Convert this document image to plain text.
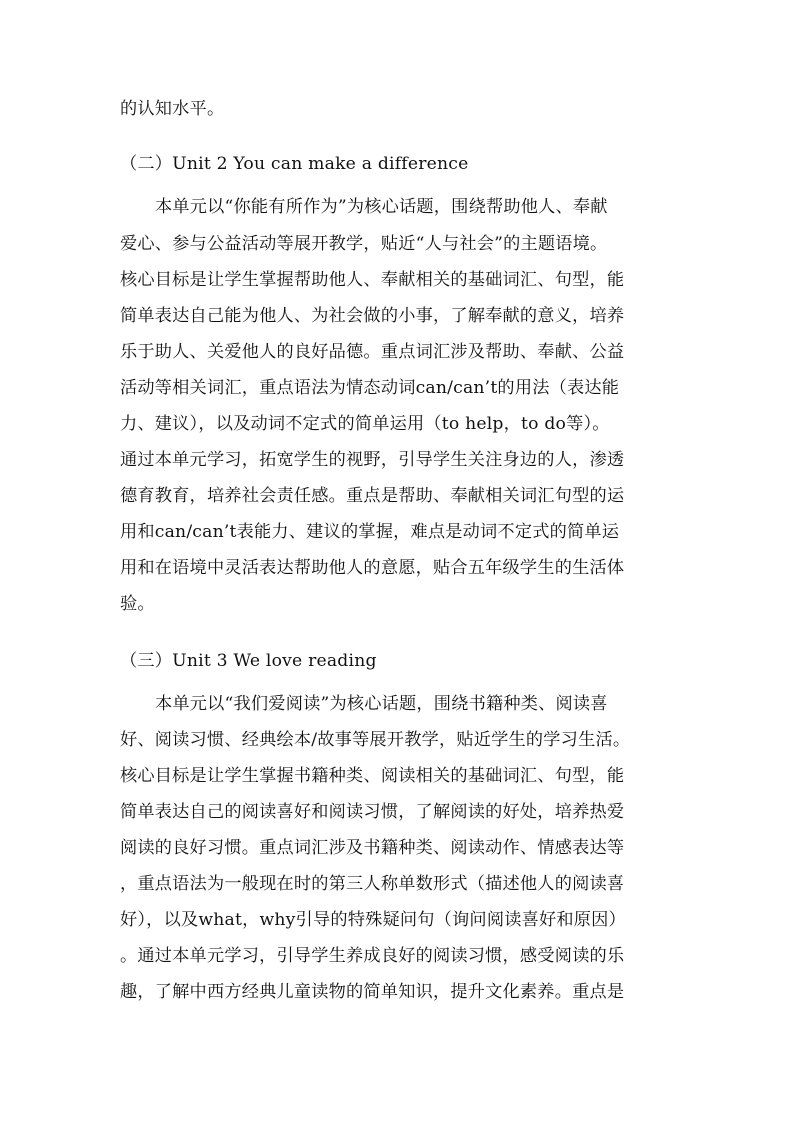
的认知水平。
（二）Unit 2 You can make a difference
本单元以“你能有所作为”为核心话题，围绕帮助他人、奉献
爱心、参与公益活动等展开教学，贴近“人与社会”的主题语境。
核心目标是让学生掌握帮助他人、奉献相关的基础词汇、句型，能
简单表达自己能为他人、为社会做的小事，了解奉献的意义，培养
乐于助人、关爱他人的良好品德。重点词汇涉及帮助、奉献、公益
活动等相关词汇，重点语法为情态动词can/can’t的用法（表达能
力、建议），以及动词不定式的简单运用（to help，to do等）。
通过本单元学习，拓宽学生的视野，引导学生关注身边的人，渗透
德育教育，培养社会责任感。重点是帮助、奉献相关词汇句型的运
用和can/can’t表能力、建议的掌握，难点是动词不定式的简单运
用和在语境中灵活表达帮助他人的意愿，贴合五年级学生的生活体
验。
（三）Unit 3 We love reading
本单元以“我们爱阅读”为核心话题，围绕书籍种类、阅读喜
好、阅读习惯、经典绘本/故事等展开教学，贴近学生的学习生活。
核心目标是让学生掌握书籍种类、阅读相关的基础词汇、句型，能
简单表达自己的阅读喜好和阅读习惯，了解阅读的好处，培养热爱
阅读的良好习惯。重点词汇涉及书籍种类、阅读动作、情感表达等
，重点语法为一般现在时的第三人称单数形式（描述他人的阅读喜
好），以及what，why引导的特殊疑问句（询问阅读喜好和原因）
。通过本单元学习，引导学生养成良好的阅读习惯，感受阅读的乐
趣，了解中西方经典儿童读物的简单知识，提升文化素养。重点是
